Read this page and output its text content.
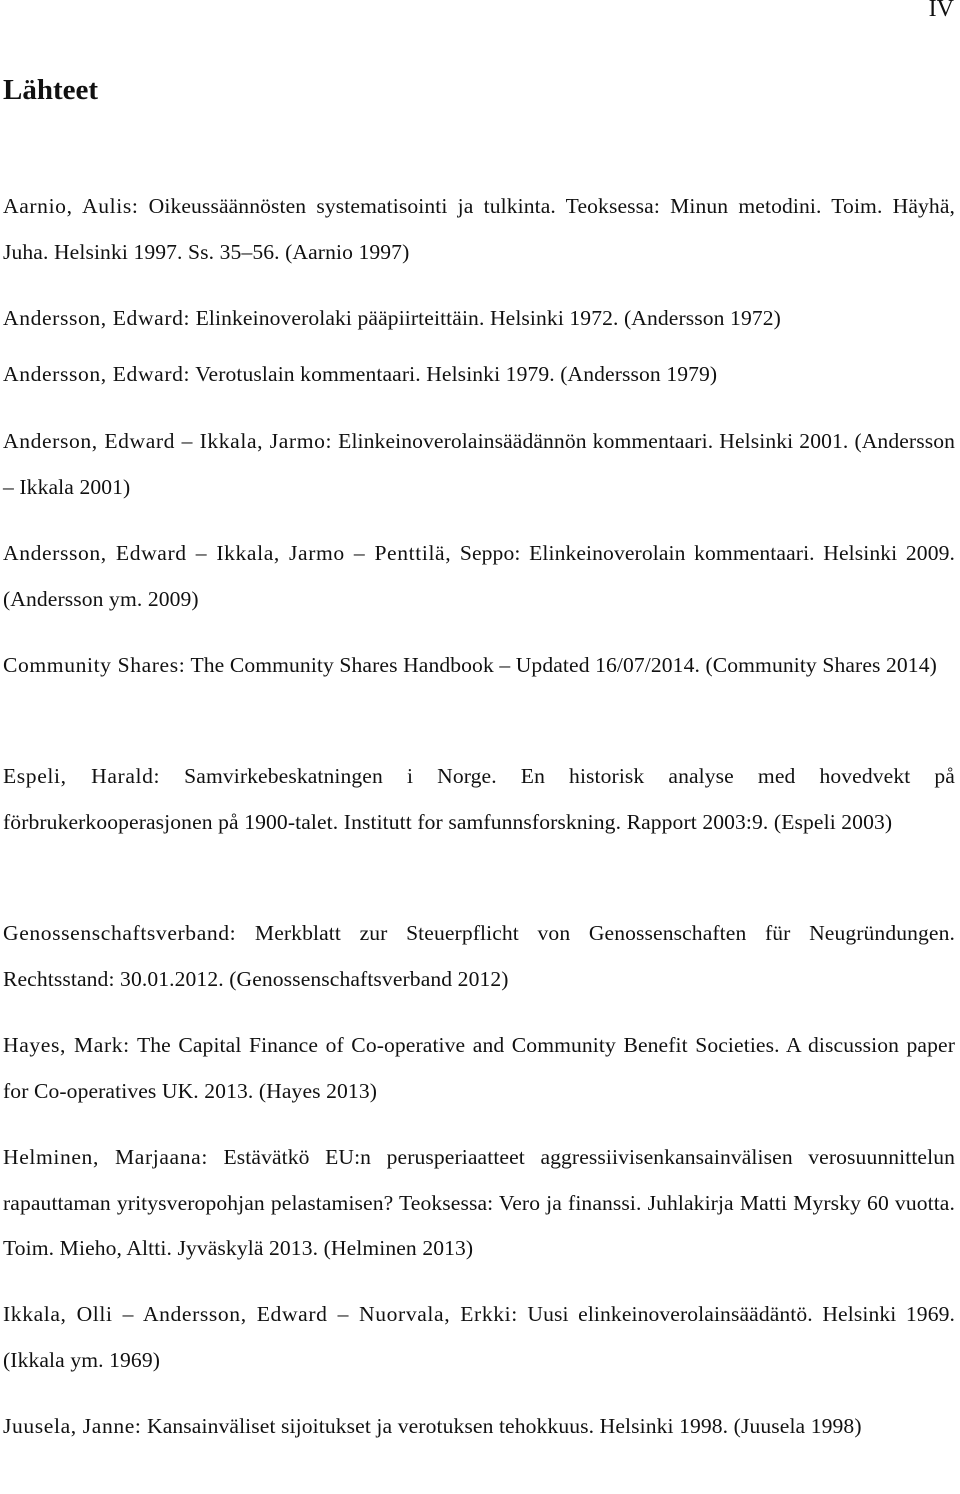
IV
Lähteet

Aarnio, Aulis: Oikeussäännösten systematisointi ja tulkinta. Teoksessa: Minun metodini. Toim. Häyhä, Juha. Helsinki 1997. Ss. 35–56. (Aarnio 1997)

Andersson, Edward: Elinkeinoverolaki pääpiirteittäin. Helsinki 1972. (Andersson 1972)

Andersson, Edward: Verotuslain kommentaari. Helsinki 1979. (Andersson 1979)

Anderson, Edward – Ikkala, Jarmo: Elinkeinoverolainsäädännön kommentaari. Helsinki 2001. (Andersson – Ikkala 2001)

Andersson, Edward – Ikkala, Jarmo – Penttilä, Seppo: Elinkeinoverolain kommentaari. Helsinki 2009. (Andersson ym. 2009)

Community Shares: The Community Shares Handbook – Updated 16/07/2014. (Community Shares 2014)

Espeli, Harald: Samvirkebeskatningen i Norge. En historisk analyse med hovedvekt på förbrukerkooperasjonen på 1900-talet. Institutt for samfunnsforskning. Rapport 2003:9. (Espeli 2003)

Genossenschaftsverband: Merkblatt zur Steuerpflicht von Genossenschaften für Neugründungen. Rechtsstand: 30.01.2012. (Genossenschaftsverband 2012)

Hayes, Mark: The Capital Finance of Co-operative and Community Benefit Societies. A discussion paper for Co-operatives UK. 2013. (Hayes 2013)

Helminen, Marjaana: Estävätkö EU:n perusperiaatteet aggressiivisenkansainvälisen verosuunnittelun rapauttaman yritysveropohjan pelastamisen? Teoksessa: Vero ja finanssi. Juhlakirja Matti Myrsky 60 vuotta. Toim. Mieho, Altti. Jyväskylä 2013. (Helminen 2013)

Ikkala, Olli – Andersson, Edward – Nuorvala, Erkki: Uusi elinkeinoverolainsäädäntö. Helsinki 1969. (Ikkala ym. 1969)

Juusela, Janne: Kansainväliset sijoitukset ja verotuksen tehokkuus. Helsinki 1998. (Juusela 1998)
